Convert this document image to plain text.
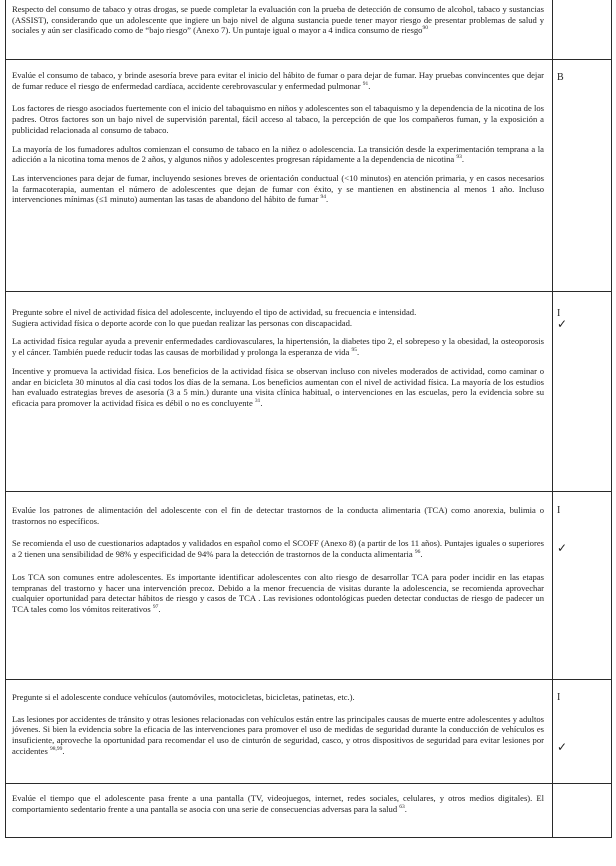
Respecto del consumo de tabaco y otras drogas, se puede completar la evaluación con la prueba de detección de consumo de alcohol, tabaco y sustancias (ASSIST), considerando que un adolescente que ingiere un bajo nivel de alguna sustancia puede tener mayor riesgo de presentar problemas de salud y sociales y aún ser clasificado como de “bajo riesgo” (Anexo 7). Un puntaje igual o mayor a 4 indica consumo de riesgo$^{90}$

Evalúe el consumo de tabaco, y brinde asesoría breve para evitar el inicio del hábito de fumar o para dejar de fumar. Hay pruebas convincentes que dejar de fumar reduce el riesgo de enfermedad cardíaca, accidente cerebrovascular y enfermedad pulmonar $^{91}$.

Los factores de riesgo asociados fuertemente con el inicio del tabaquismo en niños y adolescentes son el tabaquismo y la dependencia de la nicotina de los padres. Otros factores son un bajo nivel de supervisión parental, fácil acceso al tabaco, la percepción de que los compañeros fuman, y la exposición a publicidad relacionada al consumo de tabaco.

La mayoría de los fumadores adultos comienzan el consumo de tabaco en la niñez o adolescencia. La transición desde la experimentación temprana a la adicción a la nicotina toma menos de 2 años, y algunos niños y adolescentes progresan rápidamente a la dependencia de nicotina $^{93}$.

Las intervenciones para dejar de fumar, incluyendo sesiones breves de orientación conductual (<10 minutos) en atención primaria, y en casos necesarios la farmacoterapia, aumentan el número de adolescentes que dejan de fumar con éxito, y se mantienen en abstinencia al menos 1 año. Incluso intervenciones mínimas (≤1 minuto) aumentan las tasas de abandono del hábito de fumar $^{94}$.

B

Pregunte sobre el nivel de actividad física del adolescente, incluyendo el tipo de actividad, su frecuencia e intensidad.
Sugiera actividad física o deporte acorde con lo que puedan realizar las personas con discapacidad.

La actividad física regular ayuda a prevenir enfermedades cardiovasculares, la hipertensión, la diabetes tipo 2, el sobrepeso y la obesidad, la osteoporosis y el cáncer. También puede reducir todas las causas de morbilidad y prolonga la esperanza de vida $^{95}$.

Incentive y promueva la actividad física. Los beneficios de la actividad física se observan incluso con niveles moderados de actividad, como caminar o andar en bicicleta 30 minutos al día casi todos los días de la semana. Los beneficios aumentan con el nivel de actividad física. La mayoría de los estudios han evaluado estrategias breves de asesoría (3 a 5 min.) durante una visita clínica habitual, o intervenciones en las escuelas, pero la evidencia sobre su eficacia para promover la actividad física es débil o no es concluyente $^{31}$.

I
✓

Evalúe los patrones de alimentación del adolescente con el fin de detectar trastornos de la conducta alimentaria (TCA) como anorexia, bulimia o trastornos no específicos.

Se recomienda el uso de cuestionarios adaptados y validados en español como el SCOFF (Anexo 8) (a partir de los 11 años). Puntajes iguales o superiores a 2 tienen una sensibilidad de 98% y especificidad de 94% para la detección de trastornos de la conducta alimentaria $^{96}$.

Los TCA son comunes entre adolescentes. Es importante identificar adolescentes con alto riesgo de desarrollar TCA para poder incidir en las etapas tempranas del trastorno y hacer una intervención precoz. Debido a la menor frecuencia de visitas durante la adolescencia, se recomienda aprovechar cualquier oportunidad para detectar hábitos de riesgo y casos de TCA . Las revisiones odontológicas pueden detectar conductas de riesgo de padecer un TCA tales como los vómitos reiterativos $^{97}$.

I
✓

Pregunte si el adolescente conduce vehículos (automóviles, motocicletas, bicicletas, patinetas, etc.).

Las lesiones por accidentes de tránsito y otras lesiones relacionadas con vehículos están entre las principales causas de muerte entre adolescentes y adultos jóvenes. Si bien la evidencia sobre la eficacia de las intervenciones para promover el uso de medidas de seguridad durante la conducción de vehículos es insuficiente, aproveche la oportunidad para recomendar el uso de cinturón de seguridad, casco, y otros dispositivos de seguridad para evitar lesiones por accidentes $^{98,99}$.

I
✓

Evalúe el tiempo que el adolescente pasa frente a una pantalla (TV, videojuegos, internet, redes sociales, celulares, y otros medios digitales). El comportamiento sedentario frente a una pantalla se asocia con una serie de consecuencias adversas para la salud $^{63}$.
